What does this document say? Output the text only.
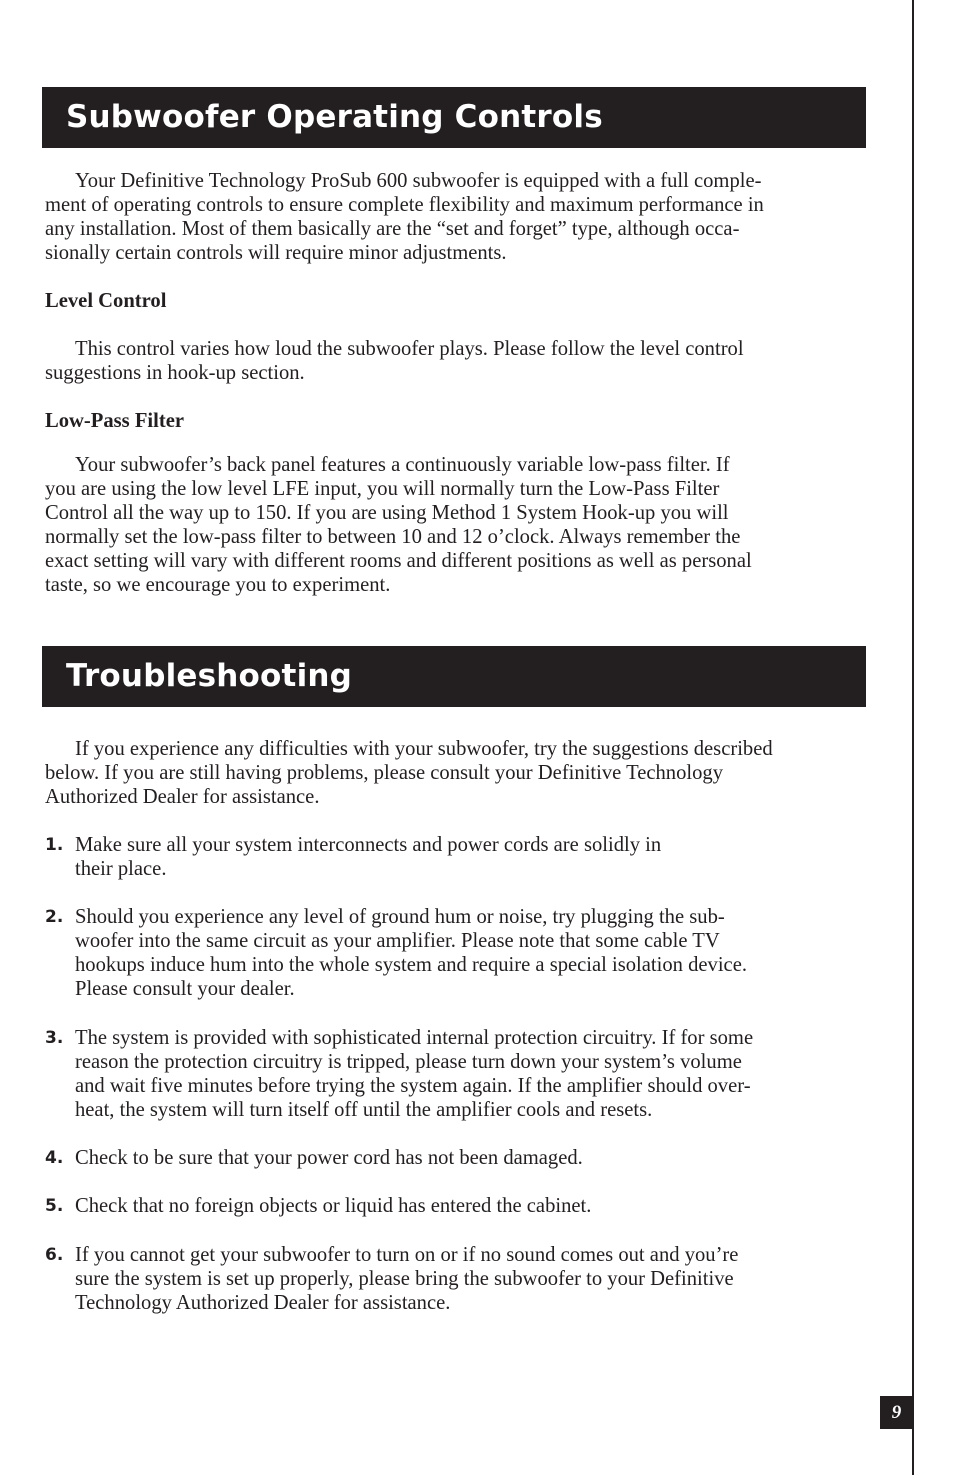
Subwoofer Operating Controls
Your Definitive Technology ProSub 600 subwoofer is equipped with a full comple-
ment of operating controls to ensure complete flexibility and maximum performance in
any installation. Most of them basically are the “set and forget” type, although occa-
sionally certain controls will require minor adjustments.
Level Control
This control varies how loud the subwoofer plays. Please follow the level control
suggestions in hook-up section.
Low-Pass Filter
Your subwoofer’s back panel features a continuously variable low-pass filter. If
you are using the low level LFE input, you will normally turn the Low-Pass Filter
Control all the way up to 150. If you are using Method 1 System Hook-up you will
normally set the low-pass filter to between 10 and 12 o’clock. Always remember the
exact setting will vary with different rooms and different positions as well as personal
taste, so we encourage you to experiment.
Troubleshooting
If you experience any difficulties with your subwoofer, try the suggestions described
below. If you are still having problems, please consult your Definitive Technology
Authorized Dealer for assistance.
1. Make sure all your system interconnects and power cords are solidly in
their place.
2. Should you experience any level of ground hum or noise, try plugging the sub-
woofer into the same circuit as your amplifier. Please note that some cable TV
hookups induce hum into the whole system and require a special isolation device.
Please consult your dealer.
3. The system is provided with sophisticated internal protection circuitry. If for some
reason the protection circuitry is tripped, please turn down your system’s volume
and wait five minutes before trying the system again. If the amplifier should over-
heat, the system will turn itself off until the amplifier cools and resets.
4. Check to be sure that your power cord has not been damaged.
5. Check that no foreign objects or liquid has entered the cabinet.
6. If you cannot get your subwoofer to turn on or if no sound comes out and you’re
sure the system is set up properly, please bring the subwoofer to your Definitive
Technology Authorized Dealer for assistance.
9
